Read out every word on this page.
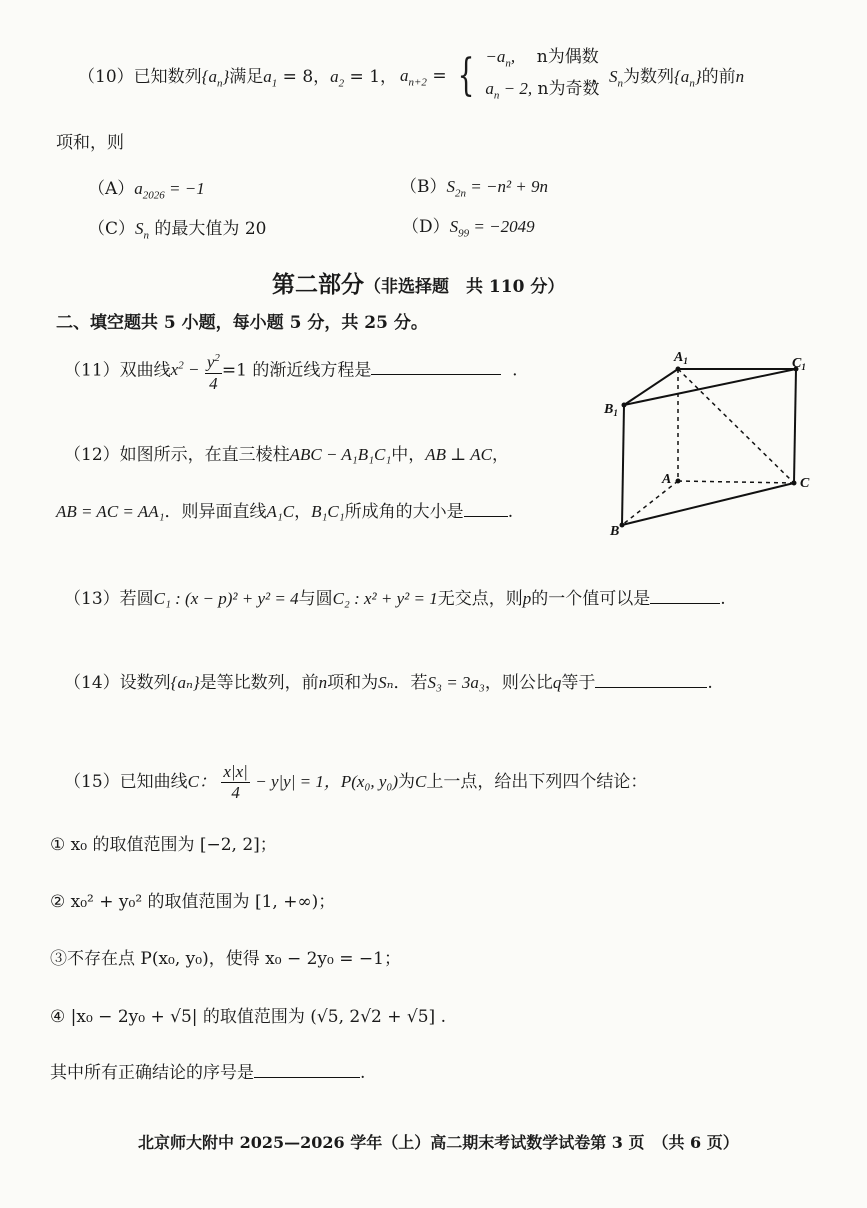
（10）已知数列$\{a_n\}$满足$a_1 = 8$，$a_2 = 1$， $a_{n+2}$ = { $-a_n$, n为偶数
$a_n - 2$, n为奇数
，$S_n$为数列$\{a_n\}$的前n
项和，则
$(A)a_{2026} = -1$	$(B)S_{2n} = -n^2 + 9n$
$(C)S_n$ 的最大值为 20	$(D)S_{99} = -2049$
第二部分（非选择题　共 110 分）
二、填空题共 5 小题，每小题 5 分，共 25 分。
（11）双曲线$x^2 - \frac{y^2}{4} =1$ 的渐近线方程是	.
$A_1$	$C_1$
$B_1$
A	C
B
（12）如图所示，在直三棱柱ABC − A₁B₁C₁中，AB ⊥ AC，
AB = AC = AA₁．则异面直线A₁C，B₁C₁所成角的大小是	.
（13）若圆C₁ : (x − p)² + y² = 4与圆C₂ : x² + y² = 1无交点，则p的一个值可以是	.
（14）设数列{aₙ}是等比数列，前n项和为Sₙ．若S₃ = 3a₃，则公比q等于	.
（15）已知曲线C： $\frac{x|x|}{4} - y|y| = 1$，P(x₀, y₀)为C上一点，给出下列四个结论：
① x₀ 的取值范围为 [−2, 2]；
② x₀² + y₀² 的取值范围为 [1, +∞)；
③不存在点 P(x₀, y₀)，使得 x₀ − 2y₀ = −1；
④ |x₀ − 2y₀ + √5| 的取值范围为 (√5, 2√2 + √5] .
其中所有正确结论的序号是	.
北京师大附中 2025—2026 学年（上）高二期末考试数学试卷第 3 页　（共 6 页）
